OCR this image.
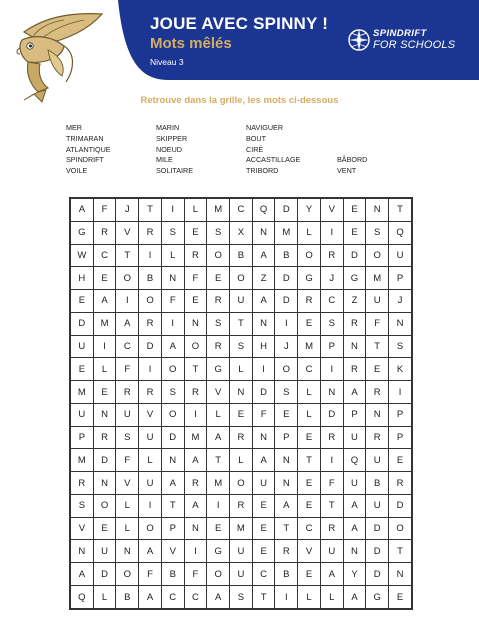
JOUE AVEC SPINNY !
Mots mêlés
Niveau 3
SPINDRIFT
FOR SCHOOLS
Retrouve dans la grille, les mots ci-dessous
MER	MARIN	NAVIGUER
TRIMARAN	SKIPPER	BOUT
ATLANTIQUE	NOEUD	CIRÉ
SPINDRIFT	MILE	ACCASTILLAGE	BÂBORD
VOILE	SOLITAIRE	TRIBORD	VENT
A	F	J	T	I	L	M	C	Q	D	Y	V	E	N	T
G	R	V	R	S	E	S	X	N	M	L	I	E	S	Q
W	C	T	I	L	R	O	B	A	B	O	R	D	O	U
H	E	O	B	N	F	E	O	Z	D	G	J	G	M	P
E	A	I	O	F	E	R	U	A	D	R	C	Z	U	J
D	M	A	R	I	N	S	T	N	I	E	S	R	F	N
U	I	C	D	A	O	R	S	H	J	M	P	N	T	S
E	L	F	I	O	T	G	L	I	O	C	I	R	E	K
M	E	R	R	S	R	V	N	D	S	L	N	A	R	I
U	N	U	V	O	I	L	E	F	E	L	D	P	N	P
P	R	S	U	D	M	A	R	N	P	E	R	U	R	P
M	D	F	L	N	A	T	L	A	N	T	I	Q	U	E
R	N	V	U	A	R	M	O	U	N	E	F	U	B	R
S	O	L	I	T	A	I	R	E	A	E	T	A	U	D
V	E	L	O	P	N	E	M	E	T	C	R	A	D	O
N	U	N	A	V	I	G	U	E	R	V	U	N	D	T
A	D	O	F	B	F	O	U	C	B	E	A	Y	D	N
Q	L	B	A	C	C	A	S	T	I	L	L	A	G	E
